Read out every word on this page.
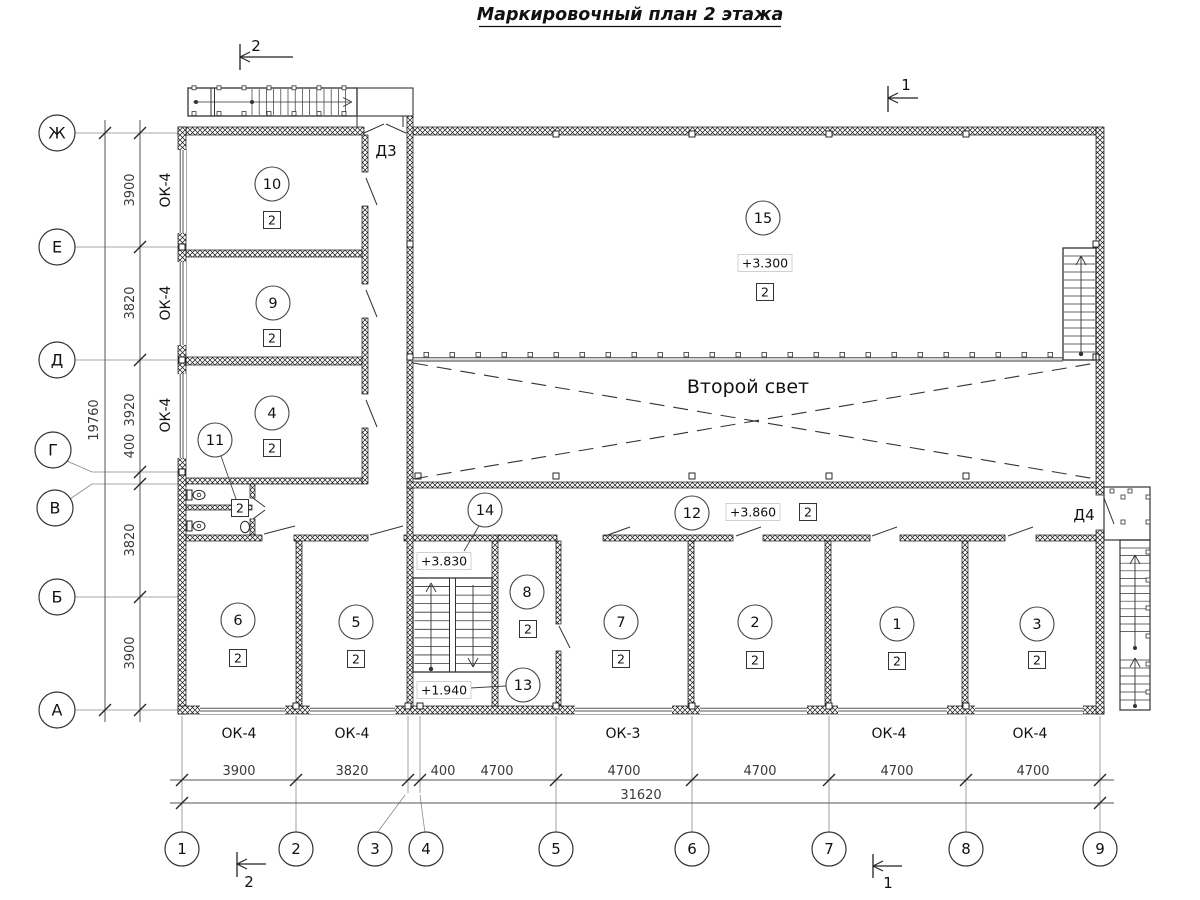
Маркировочный план 2 этажа
Ж
Е
Д
Г
В
Б
А
1	2	3	4	5	6	7	8	9
3900	3820	400 4700	4700	4700	4700	4700
31620
3900
3820
3920
400
3820
3900
19760
ОК-4
ОК-4
ОК-4
ОК-4	ОК-4	ОК-3	ОК-4	ОК-4
10
9
4
11
15
6	5
14
8
13
7
12
2	1	3
2
2
2
2
2
2	2
2
2	2	2	2
2
+3.300
+3.860
+3.830
+1.940
Д3
Д4
Второй свет
2
1
2	1
